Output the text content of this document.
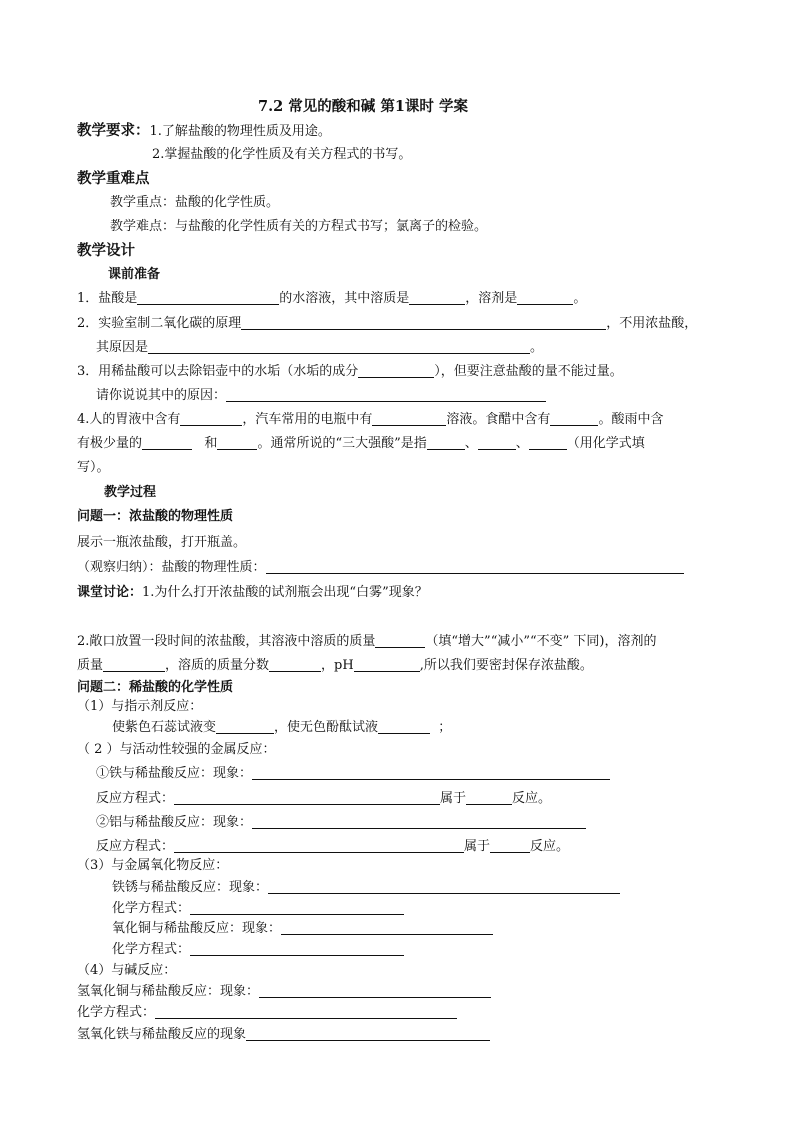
7.2 常见的酸和碱 第1课时 学案
教学要求：1.了解盐酸的物理性质及用途。
2.掌握盐酸的化学性质及有关方程式的书写。
教学重难点
教学重点：盐酸的化学性质。
教学难点：与盐酸的化学性质有关的方程式书写；氯离子的检验。
教学设计
课前准备
1．盐酸是	的水溶液，其中溶质是	，溶剂是	。
2．实验室制二氧化碳的原理	，不用浓盐酸，
其原因是	。
3．用稀盐酸可以去除铝壶中的水垢（水垢的成分	），但要注意盐酸的量不能过量。
请你说说其中的原因：
4.人的胃液中含有	，汽车常用的电瓶中有	溶液。食醋中含有	。酸雨中含
有极少量的	和	。通常所说的“三大强酸”是指	、	、	（用化学式填
写）。
教学过程
问题一：浓盐酸的物理性质
展示一瓶浓盐酸，打开瓶盖。
（观察归纳）：盐酸的物理性质：
课堂讨论：1.为什么打开浓盐酸的试剂瓶会出现“白雾”现象？
2.敞口放置一段时间的浓盐酸，其溶液中溶质的质量	（填“增大”“减小”“不变” 下同)，溶剂的
质量	，溶质的质量分数	，pH	,所以我们要密封保存浓盐酸。
问题二：稀盐酸的化学性质
（1）与指示剂反应：
使紫色石蕊试液变	，使无色酚酞试液	；
（ 2 ）与活动性较强的金属反应：
①铁与稀盐酸反应：现象：
反应方程式：	属于	反应。
②铝与稀盐酸反应：现象：
反应方程式：	属于	反应。
（3）与金属氧化物反应：
铁锈与稀盐酸反应：现象：
化学方程式：
氧化铜与稀盐酸反应：现象：
化学方程式：
（4）与碱反应：
氢氧化铜与稀盐酸反应：现象：
化学方程式：
氢氧化铁与稀盐酸反应的现象
